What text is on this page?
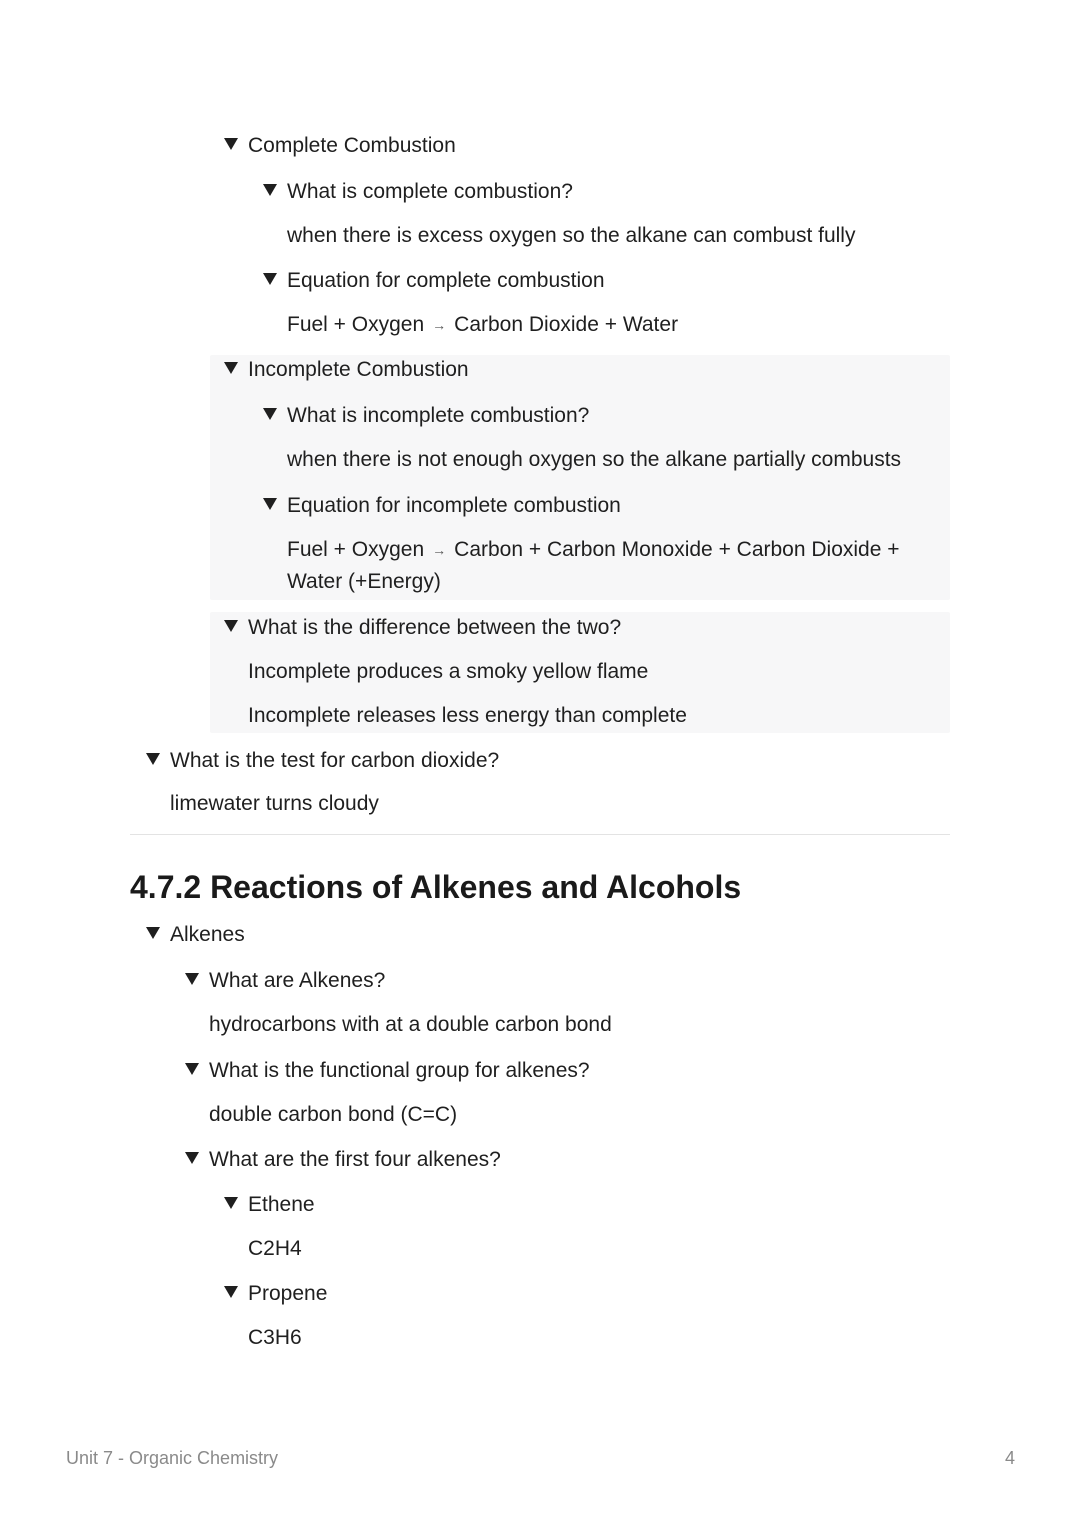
Complete Combustion
What is complete combustion?
when there is excess oxygen so the alkane can combust fully
Equation for complete combustion
Fuel + Oxygen → Carbon Dioxide + Water
Incomplete Combustion
What is incomplete combustion?
when there is not enough oxygen so the alkane partially combusts
Equation for incomplete combustion
Fuel + Oxygen → Carbon + Carbon Monoxide + Carbon Dioxide +
Water (+Energy)
What is the difference between the two?
Incomplete produces a smoky yellow flame
Incomplete releases less energy than complete
What is the test for carbon dioxide?
limewater turns cloudy
4.7.2 Reactions of Alkenes and Alcohols
Alkenes
What are Alkenes?
hydrocarbons with at a double carbon bond
What is the functional group for alkenes?
double carbon bond (C=C)
What are the first four alkenes?
Ethene
C2H4
Propene
C3H6
Unit 7 - Organic Chemistry	4
